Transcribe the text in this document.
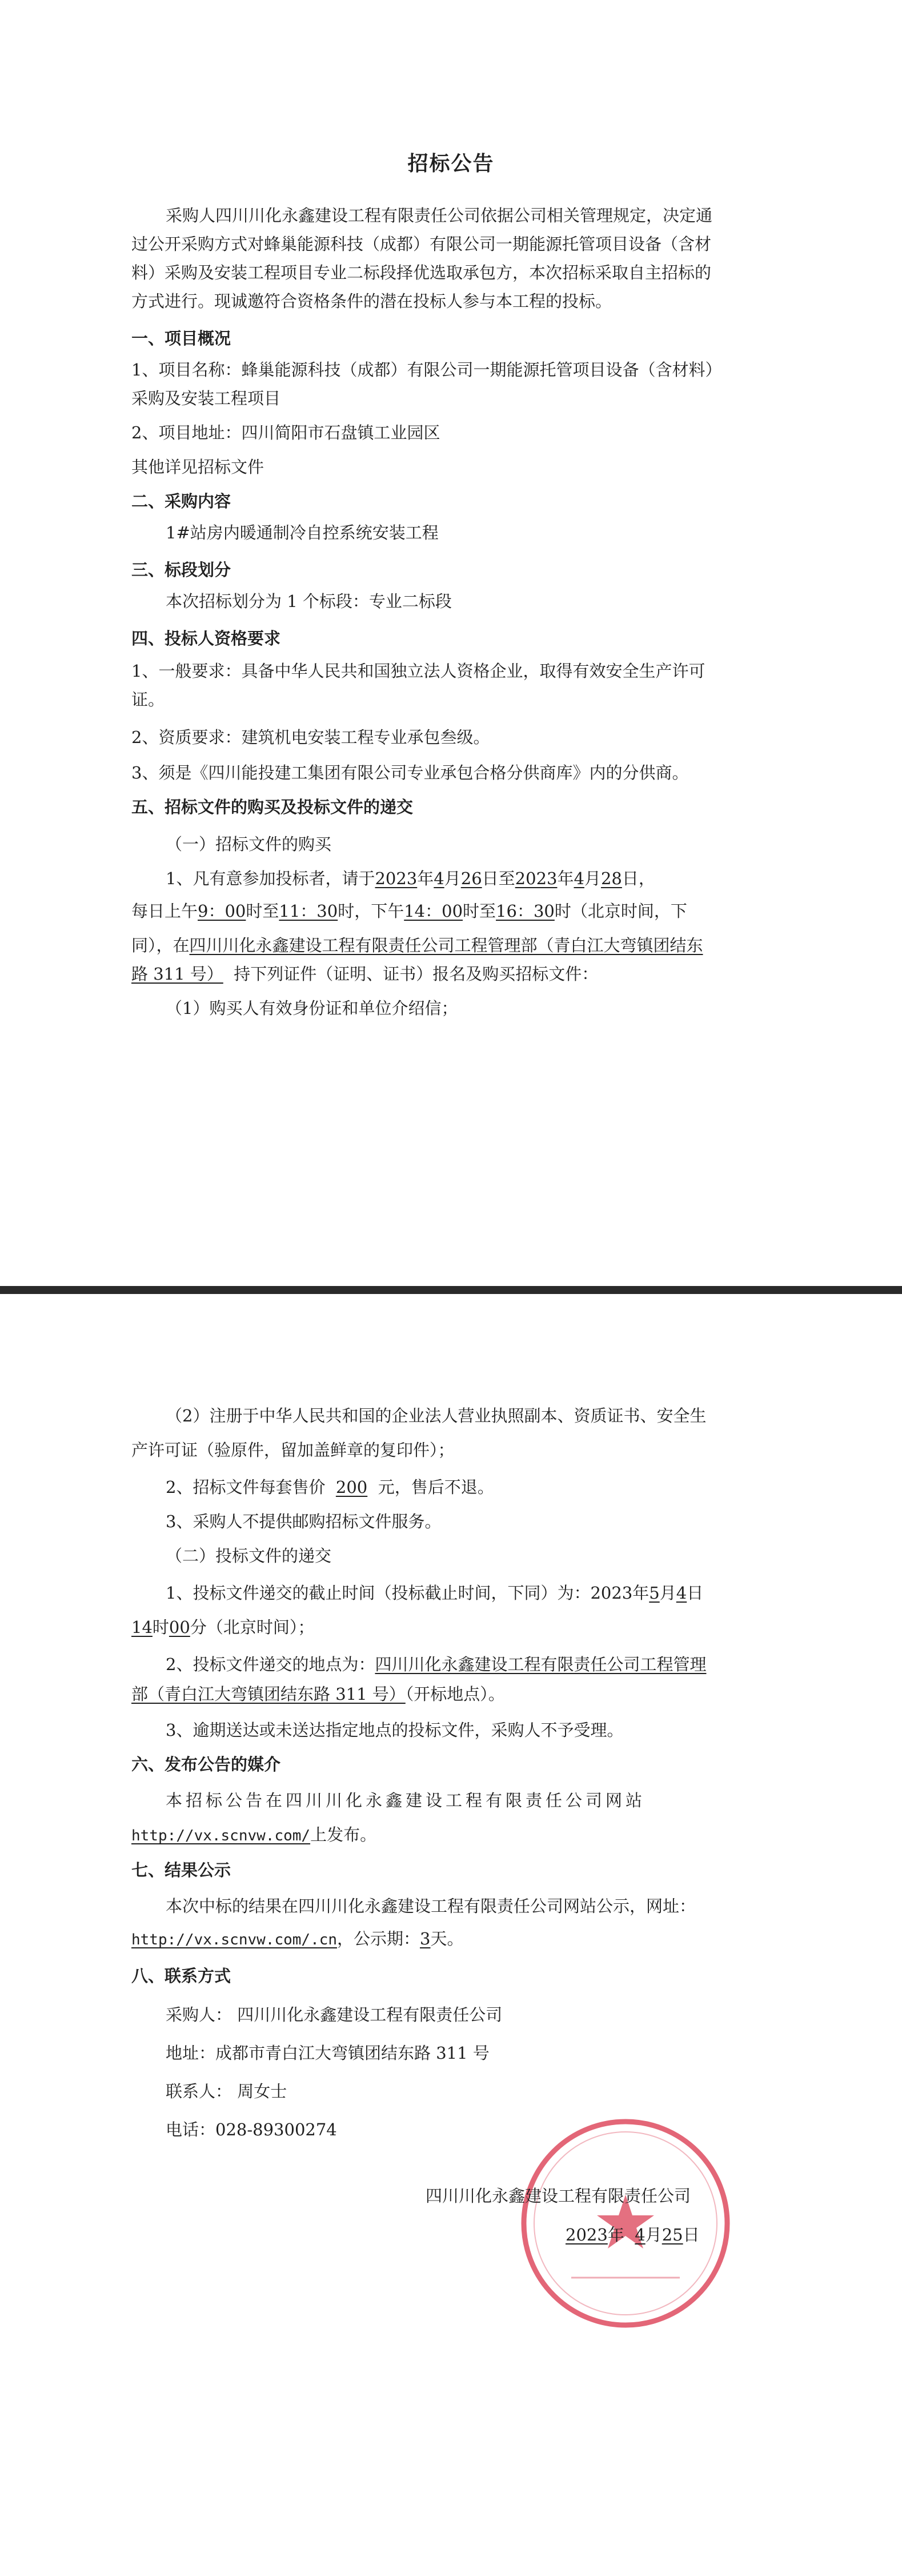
招标公告
采购人四川川化永鑫建设工程有限责任公司依据公司相关管理规定，决定通
过公开采购方式对蜂巢能源科技（成都）有限公司一期能源托管项目设备（含材
料）采购及安装工程项目专业二标段择优选取承包方，本次招标采取自主招标的
方式进行。现诚邀符合资格条件的潜在投标人参与本工程的投标。
一、项目概况
1、项目名称：蜂巢能源科技（成都）有限公司一期能源托管项目设备（含材料）
采购及安装工程项目
2、项目地址：四川简阳市石盘镇工业园区
其他详见招标文件
二、采购内容
1#站房内暖通制冷自控系统安装工程
三、标段划分
本次招标划分为 1 个标段：专业二标段
四、投标人资格要求
1、一般要求：具备中华人民共和国独立法人资格企业，取得有效安全生产许可
证。
2、资质要求：建筑机电安装工程专业承包叁级。
3、须是《四川能投建工集团有限公司专业承包合格分供商库》内的分供商。
五、招标文件的购买及投标文件的递交
（一）招标文件的购买
1、凡有意参加投标者，请于2023年4月26日至2023年4月28日，
每日上午9：00时至11：30时，下午14：00时至16：30时（北京时间，下
同），在四川川化永鑫建设工程有限责任公司工程管理部（青白江大弯镇团结东
路 311 号） 持下列证件（证明、证书）报名及购买招标文件：
（1）购买人有效身份证和单位介绍信；
（2）注册于中华人民共和国的企业法人营业执照副本、资质证书、安全生
产许可证（验原件，留加盖鲜章的复印件）；
2、招标文件每套售价 200 元，售后不退。
3、采购人不提供邮购招标文件服务。
（二）投标文件的递交
1、投标文件递交的截止时间（投标截止时间，下同）为：2023年5月4日
14时00分（北京时间）；
2、投标文件递交的地点为：四川川化永鑫建设工程有限责任公司工程管理
部（青白江大弯镇团结东路 311 号）（开标地点）。
3、逾期送达或未送达指定地点的投标文件，采购人不予受理。
六、发布公告的媒介
本招标公告在四川川化永鑫建设工程有限责任公司网站
http://vx.scnvw.com/上发布。
七、结果公示
本次中标的结果在四川川化永鑫建设工程有限责任公司网站公示，网址：
http://vx.scnvw.com/.cn，公示期：3天。
八、联系方式
采购人： 四川川化永鑫建设工程有限责任公司
地址：成都市青白江大弯镇团结东路 311 号
联系人： 周女士
电话：028-89300274
四川川化永鑫建设工程有限责任公司
2023年 4月25日
